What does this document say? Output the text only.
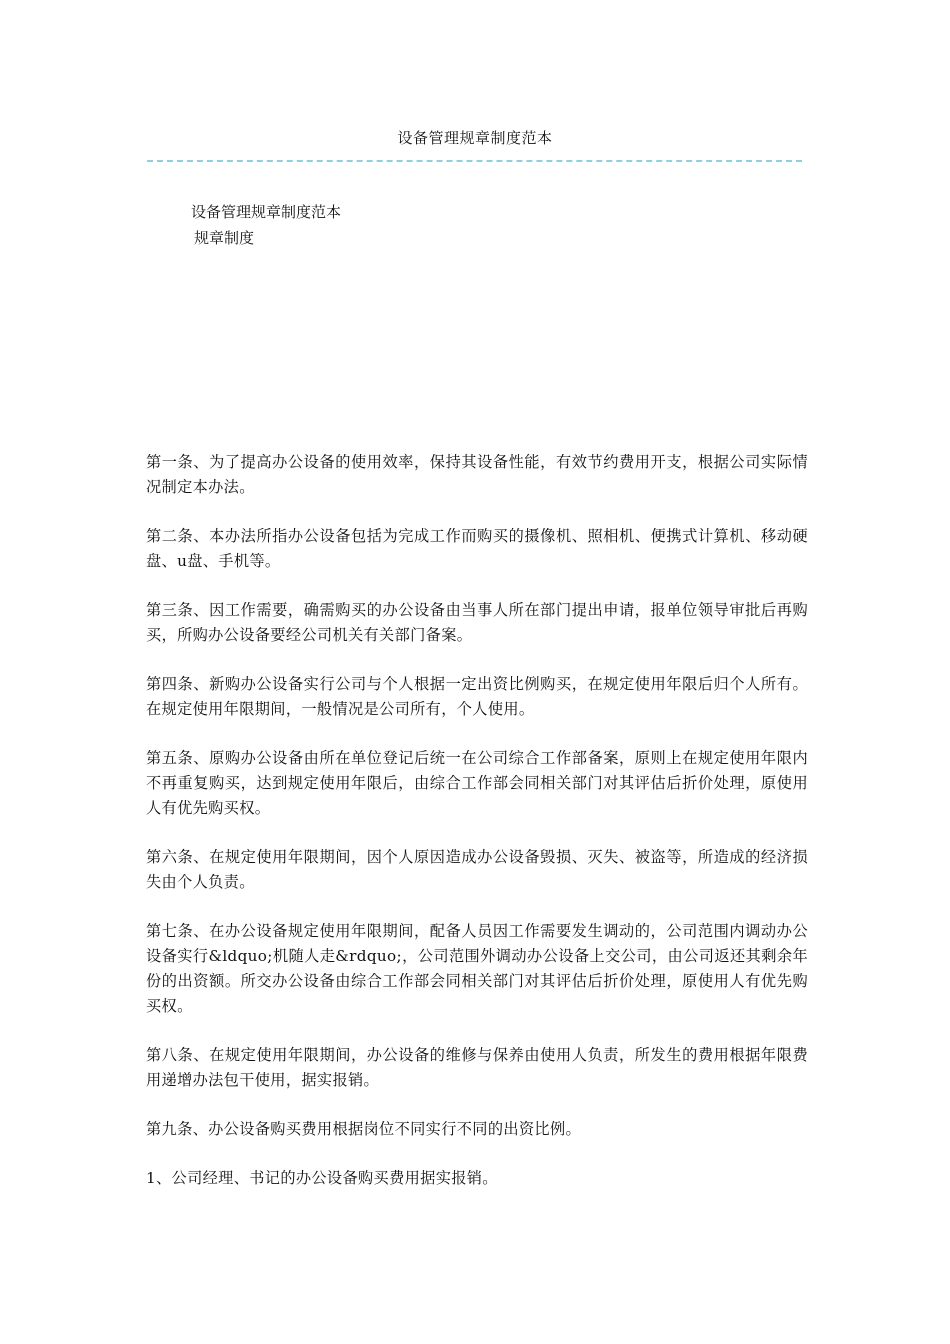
设备管理规章制度范本
设备管理规章制度范本
规章制度

第一条、为了提高办公设备的使用效率，保持其设备性能，有效节约费用开支，根据公司实际情况制定本办法。

第二条、本办法所指办公设备包括为完成工作而购买的摄像机、照相机、便携式计算机、移动硬盘、u盘、手机等。

第三条、因工作需要，确需购买的办公设备由当事人所在部门提出申请，报单位领导审批后再购买，所购办公设备要经公司机关有关部门备案。

第四条、新购办公设备实行公司与个人根据一定出资比例购买，在规定使用年限后归个人所有。在规定使用年限期间，一般情况是公司所有，个人使用。

第五条、原购办公设备由所在单位登记后统一在公司综合工作部备案，原则上在规定使用年限内不再重复购买，达到规定使用年限后，由综合工作部会同相关部门对其评估后折价处理，原使用人有优先购买权。

第六条、在规定使用年限期间，因个人原因造成办公设备毁损、灭失、被盗等，所造成的经济损失由个人负责。

第七条、在办公设备规定使用年限期间，配备人员因工作需要发生调动的，公司范围内调动办公设备实行&ldquo;机随人走&rdquo;，公司范围外调动办公设备上交公司，由公司返还其剩余年份的出资额。所交办公设备由综合工作部会同相关部门对其评估后折价处理，原使用人有优先购买权。

第八条、在规定使用年限期间，办公设备的维修与保养由使用人负责，所发生的费用根据年限费用递增办法包干使用，据实报销。

第九条、办公设备购买费用根据岗位不同实行不同的出资比例。

1、公司经理、书记的办公设备购买费用据实报销。
